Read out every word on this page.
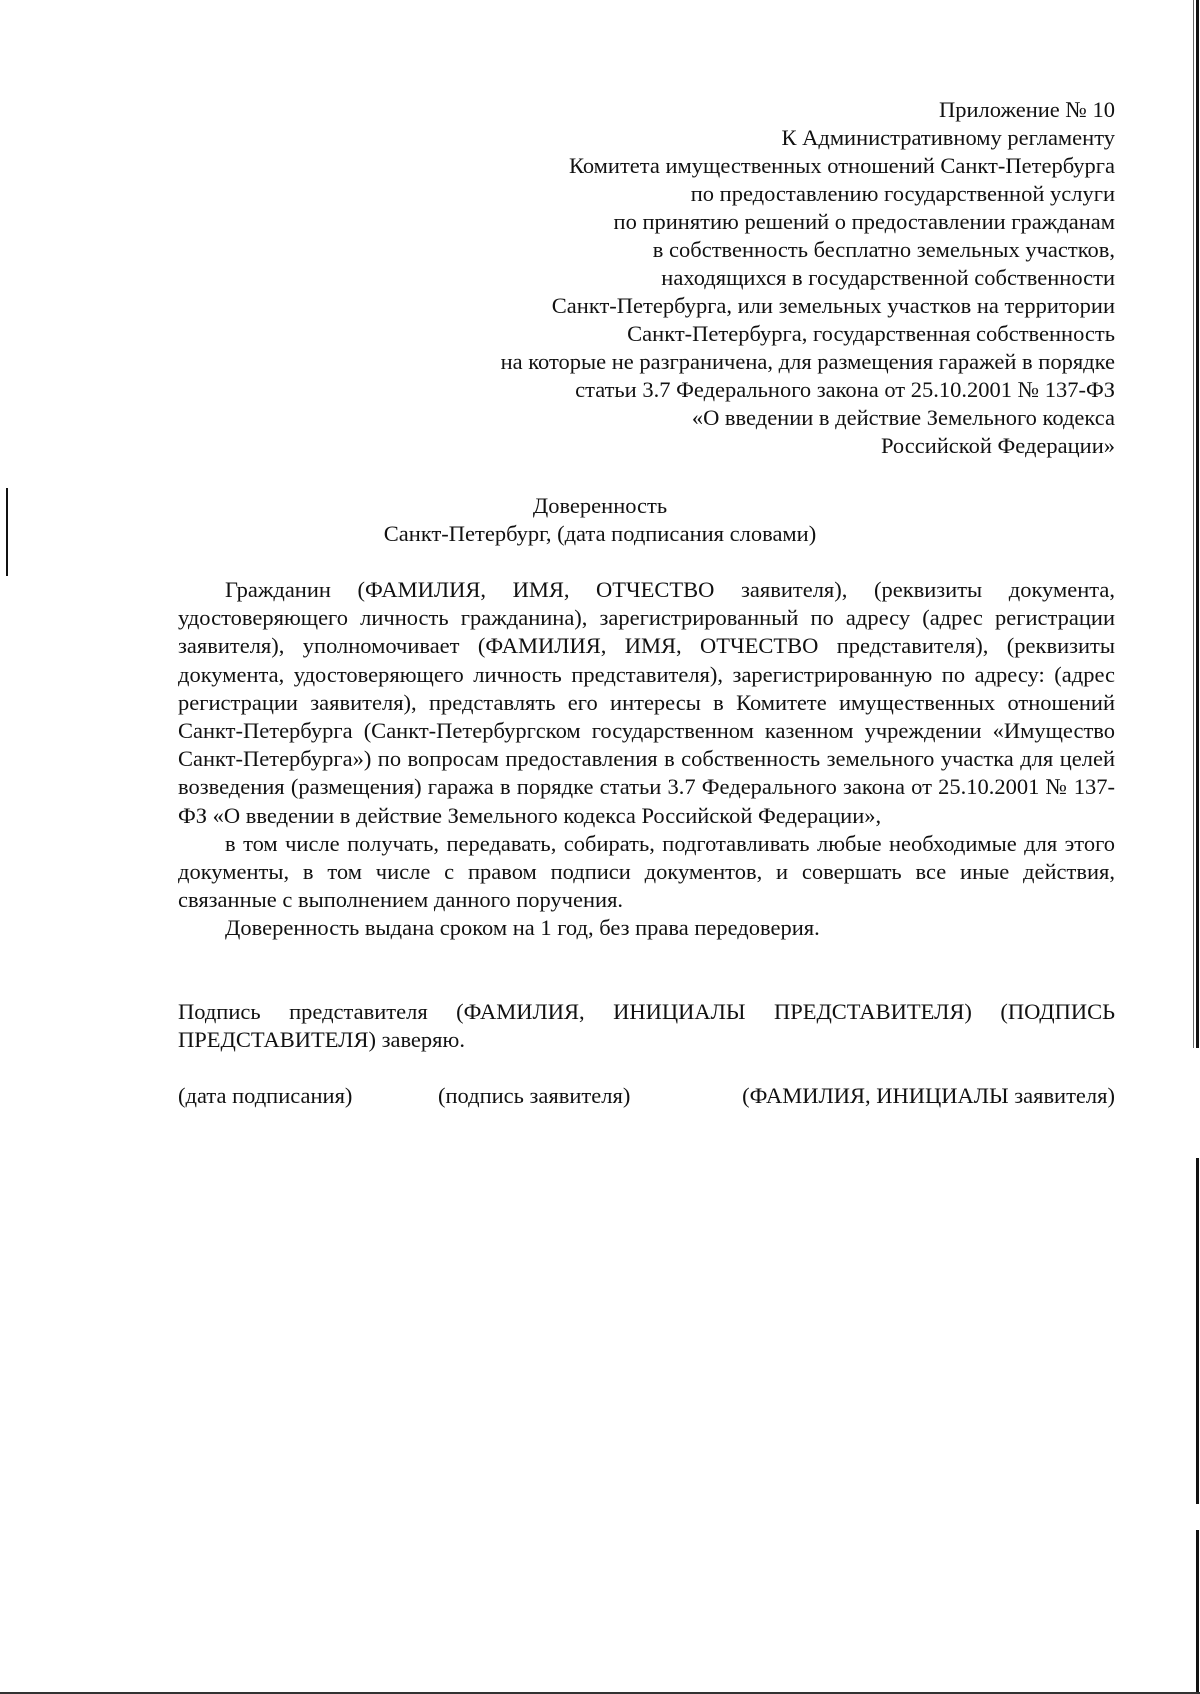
Приложение № 10
К Административному регламенту
Комитета имущественных отношений Санкт-Петербурга
по предоставлению государственной услуги
по принятию решений о предоставлении гражданам
в собственность бесплатно земельных участков,
находящихся в государственной собственности
Санкт-Петербурга, или земельных участков на территории
Санкт-Петербурга, государственная собственность
на которые не разграничена, для размещения гаражей в порядке
статьи 3.7 Федерального закона от 25.10.2001 № 137-ФЗ
«О введении в действие Земельного кодекса
Российской Федерации»
Доверенность
Санкт-Петербург, (дата подписания словами)

Гражданин (ФАМИЛИЯ, ИМЯ, ОТЧЕСТВО заявителя), (реквизиты документа, удостоверяющего личность гражданина), зарегистрированный по адресу (адрес регистрации заявителя), уполномочивает (ФАМИЛИЯ, ИМЯ, ОТЧЕСТВО представителя), (реквизиты документа, удостоверяющего личность представителя), зарегистрированную по адресу: (адрес регистрации заявителя), представлять его интересы в Комитете имущественных отношений Санкт-Петербурга (Санкт-Петербургском государственном казенном учреждении «Имущество Санкт-Петербурга») по вопросам предоставления в собственность земельного участка для целей возведения (размещения) гаража в порядке статьи 3.7 Федерального закона от 25.10.2001 № 137-ФЗ «О введении в действие Земельного кодекса Российской Федерации»,

в том числе получать, передавать, собирать, подготавливать любые необходимые для этого документы, в том числе с правом подписи документов, и совершать все иные действия, связанные с выполнением данного поручения.

Доверенность выдана сроком на 1 год, без права передоверия.

Подпись представителя (ФАМИЛИЯ, ИНИЦИАЛЫ ПРЕДСТАВИТЕЛЯ) (ПОДПИСЬ ПРЕДСТАВИТЕЛЯ) заверяю.
(дата подписания)	(подпись заявителя)	(ФАМИЛИЯ, ИНИЦИАЛЫ заявителя)
